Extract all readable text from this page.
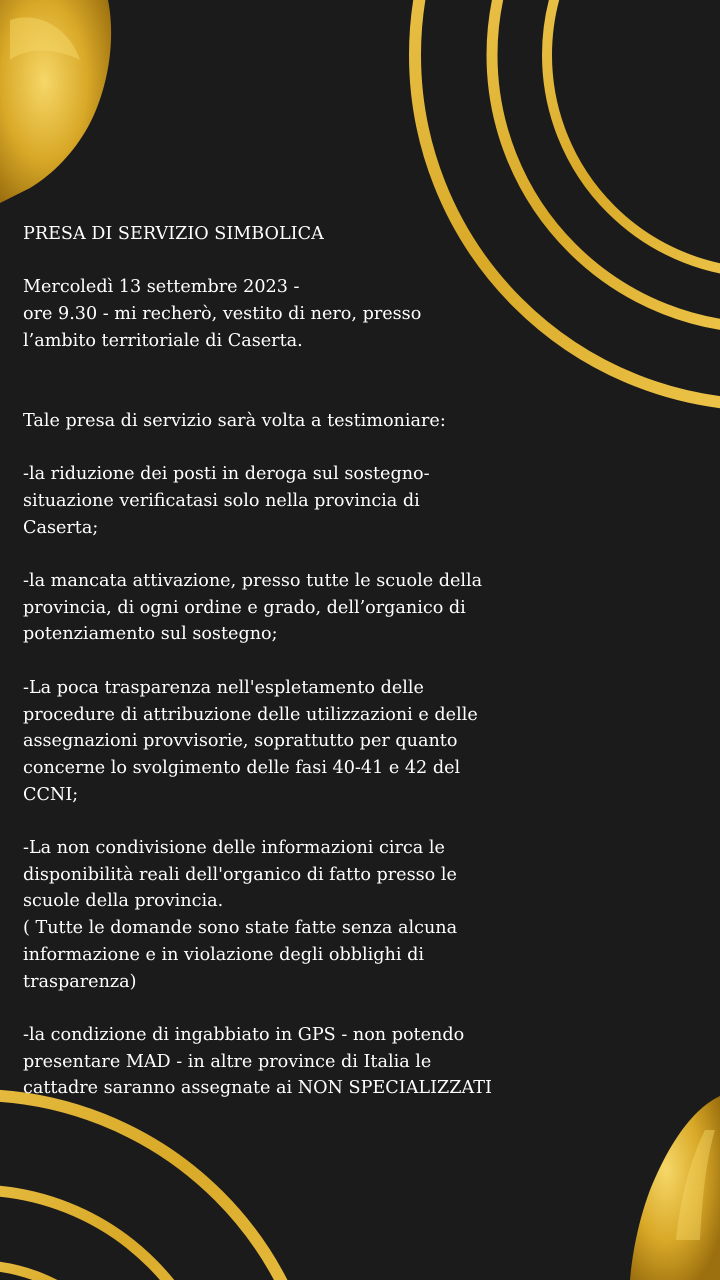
PRESA DI SERVIZIO SIMBOLICA

Mercoledì 13 settembre 2023 -
ore 9.30 - mi recherò, vestito di nero, presso l’ambito territoriale di Caserta.

Tale presa di servizio sarà volta a testimoniare:

-la riduzione dei posti in deroga sul sostegno- situazione verificatasi solo nella provincia di Caserta;

-la mancata attivazione, presso tutte le scuole della provincia, di ogni ordine e grado, dell’organico di potenziamento sul sostegno;

-La poca trasparenza nell'espletamento delle procedure di attribuzione delle utilizzazioni e delle assegnazioni provvisorie, soprattutto per quanto concerne lo svolgimento delle fasi 40-41 e 42 del CCNI;

-La non condivisione delle informazioni circa le disponibilità reali dell'organico di fatto presso le scuole della provincia.
( Tutte le domande sono state fatte senza alcuna informazione e in violazione degli obblighi di trasparenza)

-la condizione di ingabbiato in GPS - non potendo presentare MAD - in altre province di Italia le cattadre saranno assegnate ai NON SPECIALIZZATI
